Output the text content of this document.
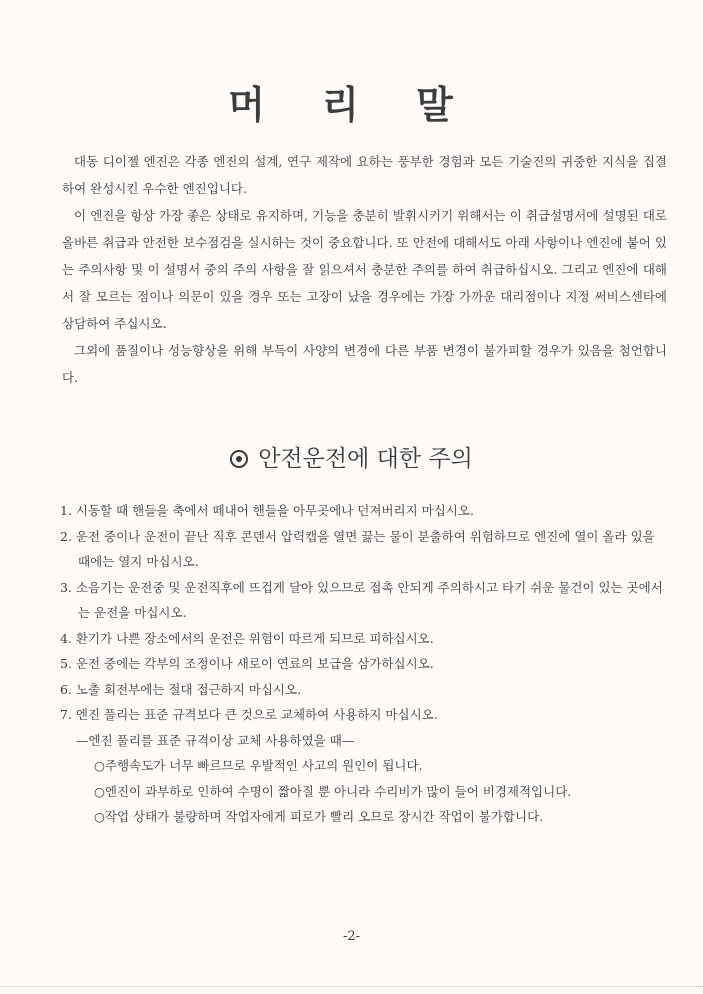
머 리 말

대동 디이젤 엔진은 각종 엔진의 설계, 연구 제작에 요하는 풍부한 경험과 모든 기술진의 귀중한 지식을 집결하여 완성시킨 우수한 엔진입니다.

이 엔진을 항상 가장 좋은 상태로 유지하며, 기능을 충분히 발휘시키기 위해서는 이 취급설명서에 설명된 대로 올바른 취급과 안전한 보수점검을 실시하는 것이 중요합니다. 또 안전에 대해서도 아래 사항이나 엔진에 붙어 있는 주의사항 및 이 설명서 중의 주의 사항을 잘 읽으셔서 충분한 주의를 하여 취급하십시오. 그리고 엔진에 대해서 잘 모르는 점이나 의문이 있을 경우 또는 고장이 났을 경우에는 가장 가까운 대리점이나 지정 써비스센타에 상담하여 주십시오.

그외에 품질이나 성능향상을 위해 부득이 사양의 변경에 다른 부품 변경이 불가피할 경우가 있음을 첨언합니다.

안전운전에 대한 주의
1. 시동할 때 핸들을 축에서 떼내어 핸들을 아무곳에나 던져버리지 마십시오.
2. 운전 중이나 운전이 끝난 직후 콘덴서 압력캡을 열면 끓는 물이 분출하여 위험하므로 엔진에 열이 올라 있을 때에는 열지 마십시오.
3. 소음기는 운전중 및 운전직후에 뜨겁게 달아 있으므로 접촉 안되게 주의하시고 타기 쉬운 물건이 있는 곳에서는 운전을 마십시오.
4. 환기가 나쁜 장소에서의 운전은 위험이 따르게 되므로 피하십시오.
5. 운전 중에는 각부의 조정이나 새로이 연료의 보급을 삼가하십시오.
6. 노출 회전부에는 절대 접근하지 마십시오.
7. 엔진 풀리는 표준 규격보다 큰 것으로 교체하여 사용하지 마십시오.
—엔진 풀리를 표준 규격이상 교체 사용하였을 때—
○주행속도가 너무 빠르므로 우발적인 사고의 원인이 됩니다.
○엔진이 과부하로 인하여 수명이 짧아질 뿐 아니라 수리비가 많이 들어 비경제적입니다.
○작업 상태가 불량하며 작업자에게 피로가 빨리 오므로 장시간 작업이 불가합니다.
-2-
